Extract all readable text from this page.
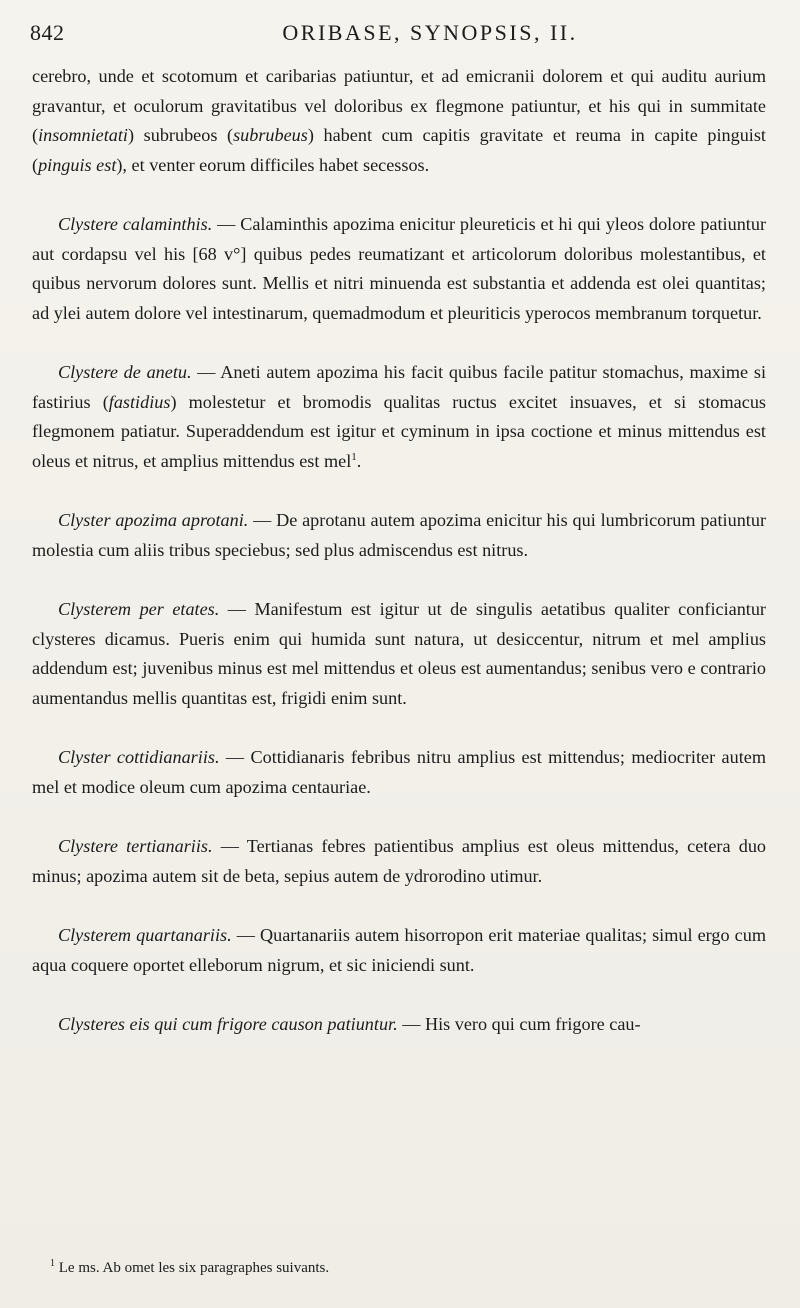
842	ORIBASE, SYNOPSIS, II.

cerebro, unde et scotomum et caribarias patiuntur, et ad emicranii dolorem et qui auditu aurium gravantur, et oculorum gravitatibus vel doloribus ex flegmone patiuntur, et his qui in summitate (insomnietati) subrubeos (subrubeus) habent cum capitis gravitate et reuma in capite pinguist (pinguis est), et venter eorum difficiles habet secessos.

Clystere calaminthis. — Calaminthis apozima enicitur pleureticis et hi qui yleos dolore patiuntur aut cordapsu vel his [68 v°] quibus pedes reumatizant et articolorum doloribus molestantibus, et quibus nervorum dolores sunt. Mellis et nitri minuenda est substantia et addenda est olei quantitas; ad ylei autem dolore vel intestinarum, quemadmodum et pleuriticis yperocos membranum torquetur.

Clystere de anetu. — Aneti autem apozima his facit quibus facile patitur stomachus, maxime si fastirius (fastidius) molestetur et bromodis qualitas ructus excitet insuaves, et si stomacus flegmonem patiatur. Superaddendum est igitur et cyminum in ipsa coctione et minus mittendus est oleus et nitrus, et amplius mittendus est mel$^1$.

Clyster apozima aprotani. — De aprotanu autem apozima enicitur his qui lumbricorum patiuntur molestia cum aliis tribus speciebus; sed plus admiscendus est nitrus.

Clysterem per etates. — Manifestum est igitur ut de singulis aetatibus qualiter conficiantur clysteres dicamus. Pueris enim qui humida sunt natura, ut desiccentur, nitrum et mel amplius addendum est; juvenibus minus est mel mittendus et oleus est aumentandus; senibus vero e contrario aumentandus mellis quantitas est, frigidi enim sunt.

Clyster cottidianariis. — Cottidianaris febribus nitru amplius est mittendus; mediocriter autem mel et modice oleum cum apozima centauriae.

Clystere tertianariis. — Tertianas febres patientibus amplius est oleus mittendus, cetera duo minus; apozima autem sit de beta, sepius autem de ydrorodino utimur.

Clysterem quartanariis. — Quartanariis autem hisorropon erit materiae qualitas; simul ergo cum aqua coquere oportet elleborum nigrum, et sic iniciendi sunt.

Clysteres eis qui cum frigore causon patiuntur. — His vero qui cum frigore cau-

$^1$ Le ms. Ab omet les six paragraphes suivants.
